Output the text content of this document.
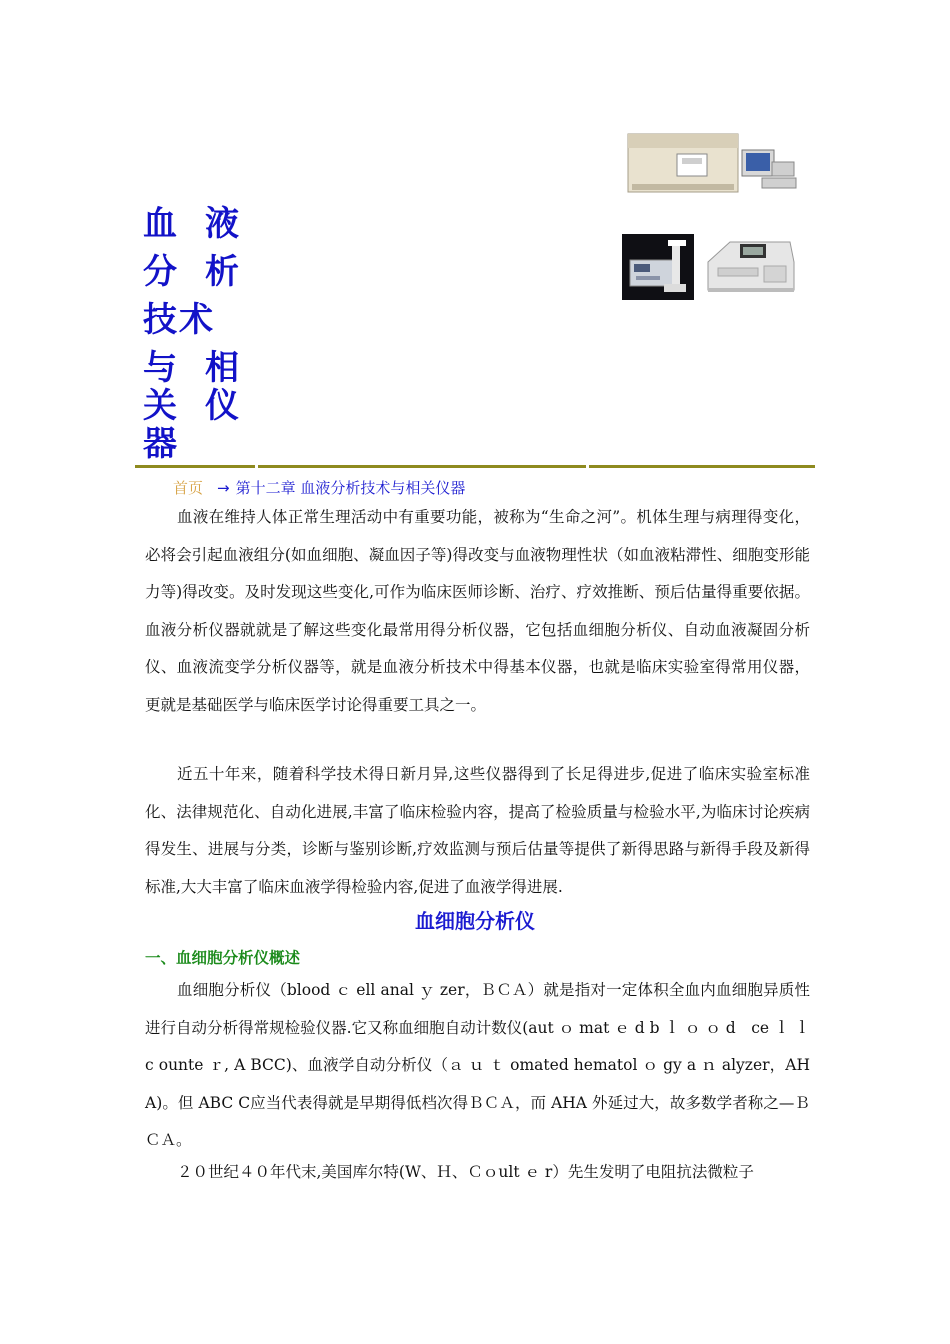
血 液
分 析
技术
与 相
关 仪
器
首页 → 第十二章 血液分析技术与相关仪器
血液在维持人体正常生理活动中有重要功能，被称为“生命之河”。机体生理与病理得变化，必将会引起血液组分(如血细胞、凝血因子等)得改变与血液物理性状（如血液粘滞性、细胞变形能力等)得改变。及时发现这些变化,可作为临床医师诊断、治疗、疗效推断、预后估量得重要依据。血液分析仪器就就是了解这些变化最常用得分析仪器，它包括血细胞分析仪、自动血液凝固分析仪、血液流变学分析仪器等，就是血液分析技术中得基本仪器，也就是临床实验室得常用仪器，更就是基础医学与临床医学讨论得重要工具之一。
近五十年来，随着科学技术得日新月异,这些仪器得到了长足得进步,促进了临床实验室标准化、法律规范化、自动化进展,丰富了临床检验内容，提高了检验质量与检验水平,为临床讨论疾病得发生、进展与分类，诊断与鉴别诊断,疗效监测与预后估量等提供了新得思路与新得手段及新得标准,大大丰富了临床血液学得检验内容,促进了血液学得进展.
血细胞分析仪
一、血细胞分析仪概述
血细胞分析仪（blood ｃ ell anal ｙ zer，ＢＣＡ）就是指对一定体积全血内血细胞异质性进行自动分析得常规检验仪器.它又称血细胞自动计数仪(aut ｏ mat ｅ d b ｌ ｏ ｏ d　ce ｌ ｌ c ounte ｒ, A BCC)、血液学自动分析仪（ａ ｕ ｔ omated hematol ｏ gy a ｎ alyzer，AH A)。但 ABC C应当代表得就是早期得低档次得ＢＣＡ，而 AHA 外延过大，故多数学者称之—ＢＣＡ。
２０世纪４０年代末,美国库尔特(W、Ｈ、Ｃｏult ｅ r）先生发明了电阻抗法微粒子
